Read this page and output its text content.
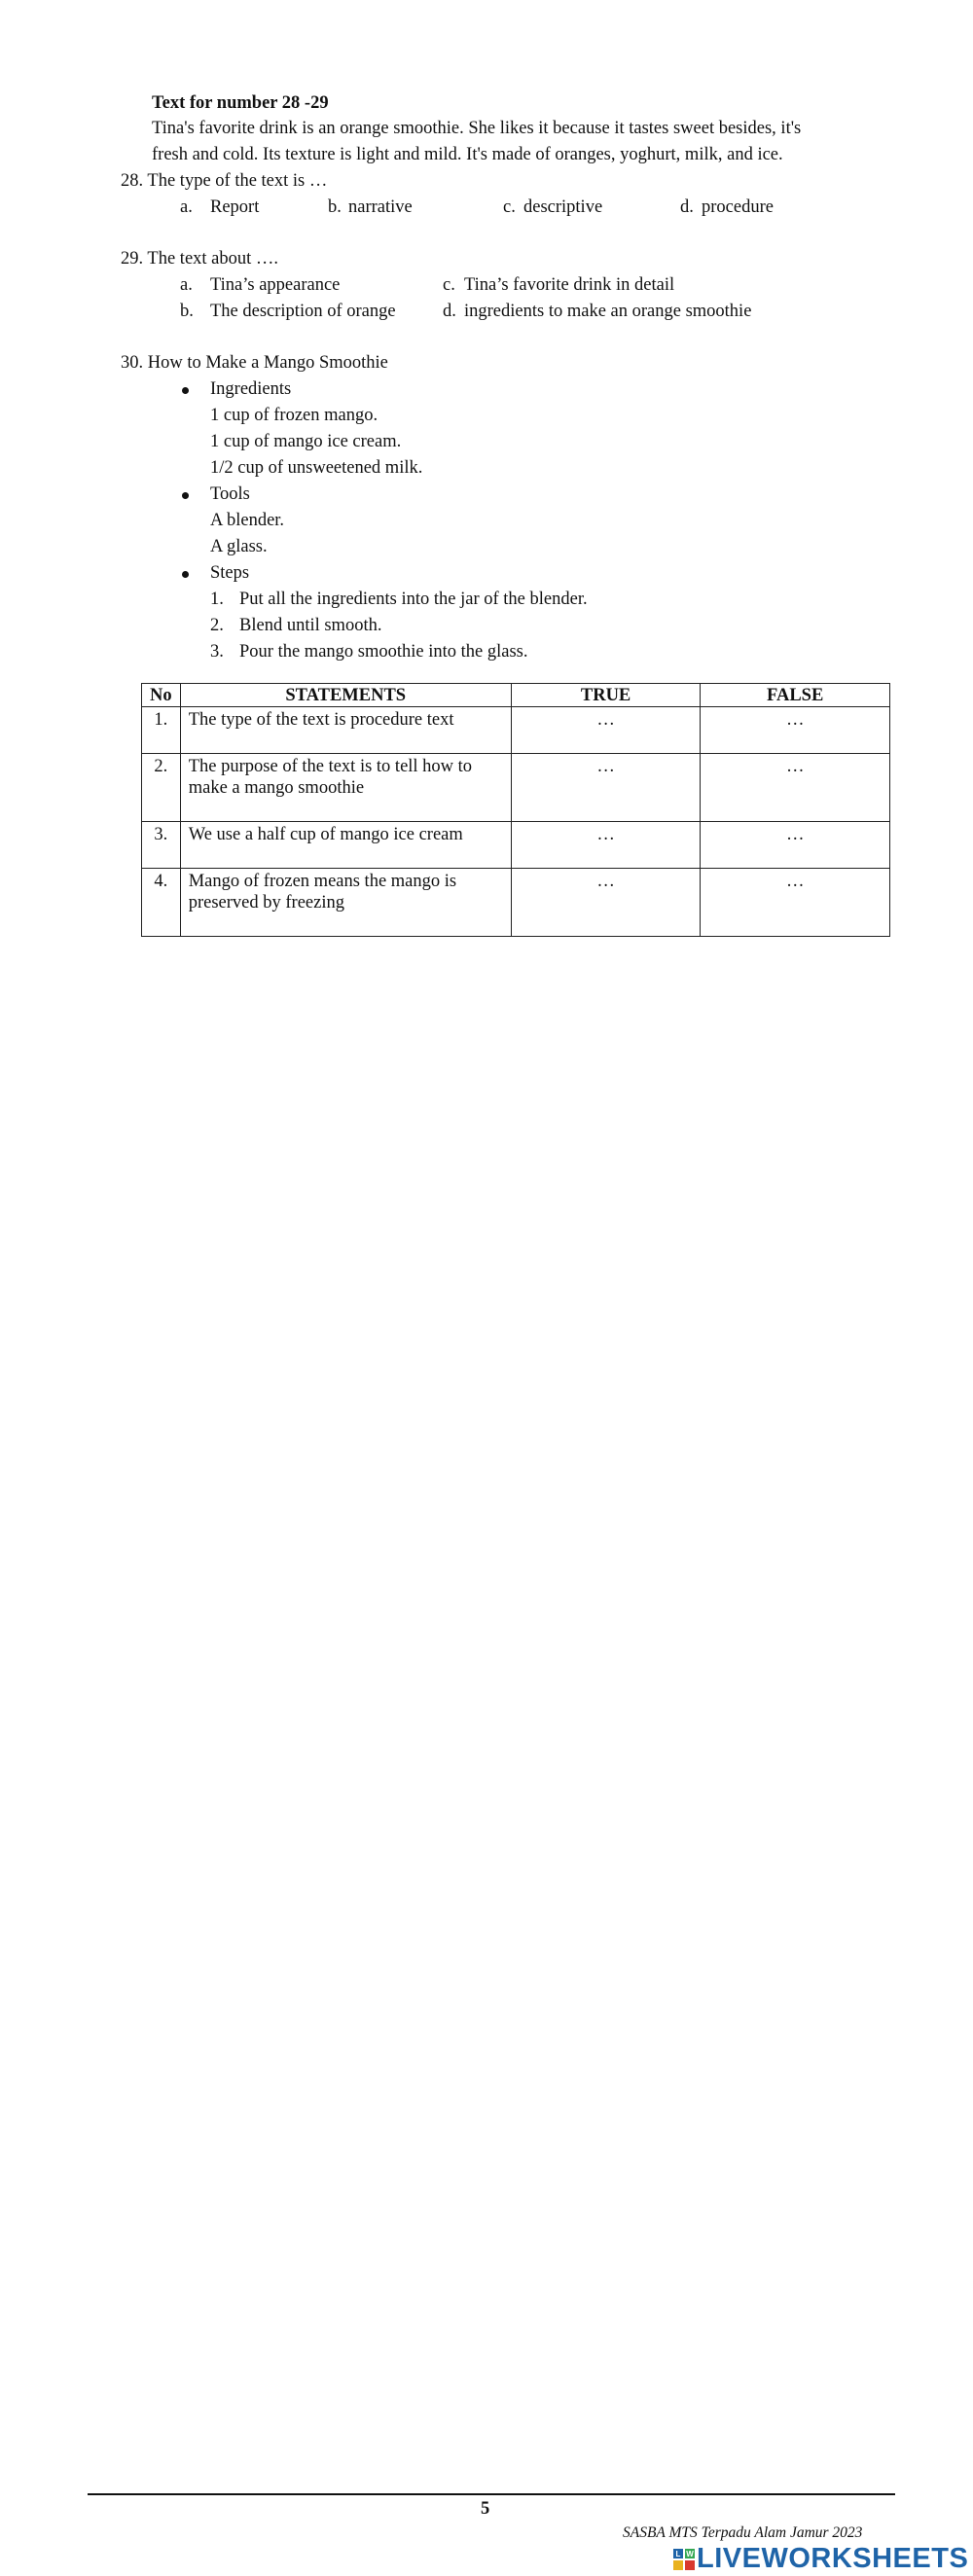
Text for number 28 -29
Tina's favorite drink is an orange smoothie. She likes it because it tastes sweet besides, it's
fresh and cold. Its texture is light and mild. It's made of oranges, yoghurt, milk, and ice.
28. The type of the text is …
a. Report	b. narrative	c. descriptive	d. procedure
29. The text about ….
a. Tina’s appearance
b. The description of orange
c. Tina’s favorite drink in detail
d. ingredients to make an orange smoothie
30. How to Make a Mango Smoothie
Ingredients
1 cup of frozen mango.
1 cup of mango ice cream.
1/2 cup of unsweetened milk.
Tools
A blender.
A glass.
Steps
1. Put all the ingredients into the jar of the blender.
2. Blend until smooth.
3. Pour the mango smoothie into the glass.
No	STATEMENTS	TRUE	FALSE
1.	The type of the text is procedure text	…	…
2.	The purpose of the text is to tell how to make a mango smoothie	…	…
3.	We use a half cup of mango ice cream	…	…
4.	Mango of frozen means the mango is preserved by freezing	…	…
5
SASBA MTS Terpadu Alam Jamur 2023
L W LIVEWORKSHEETS
